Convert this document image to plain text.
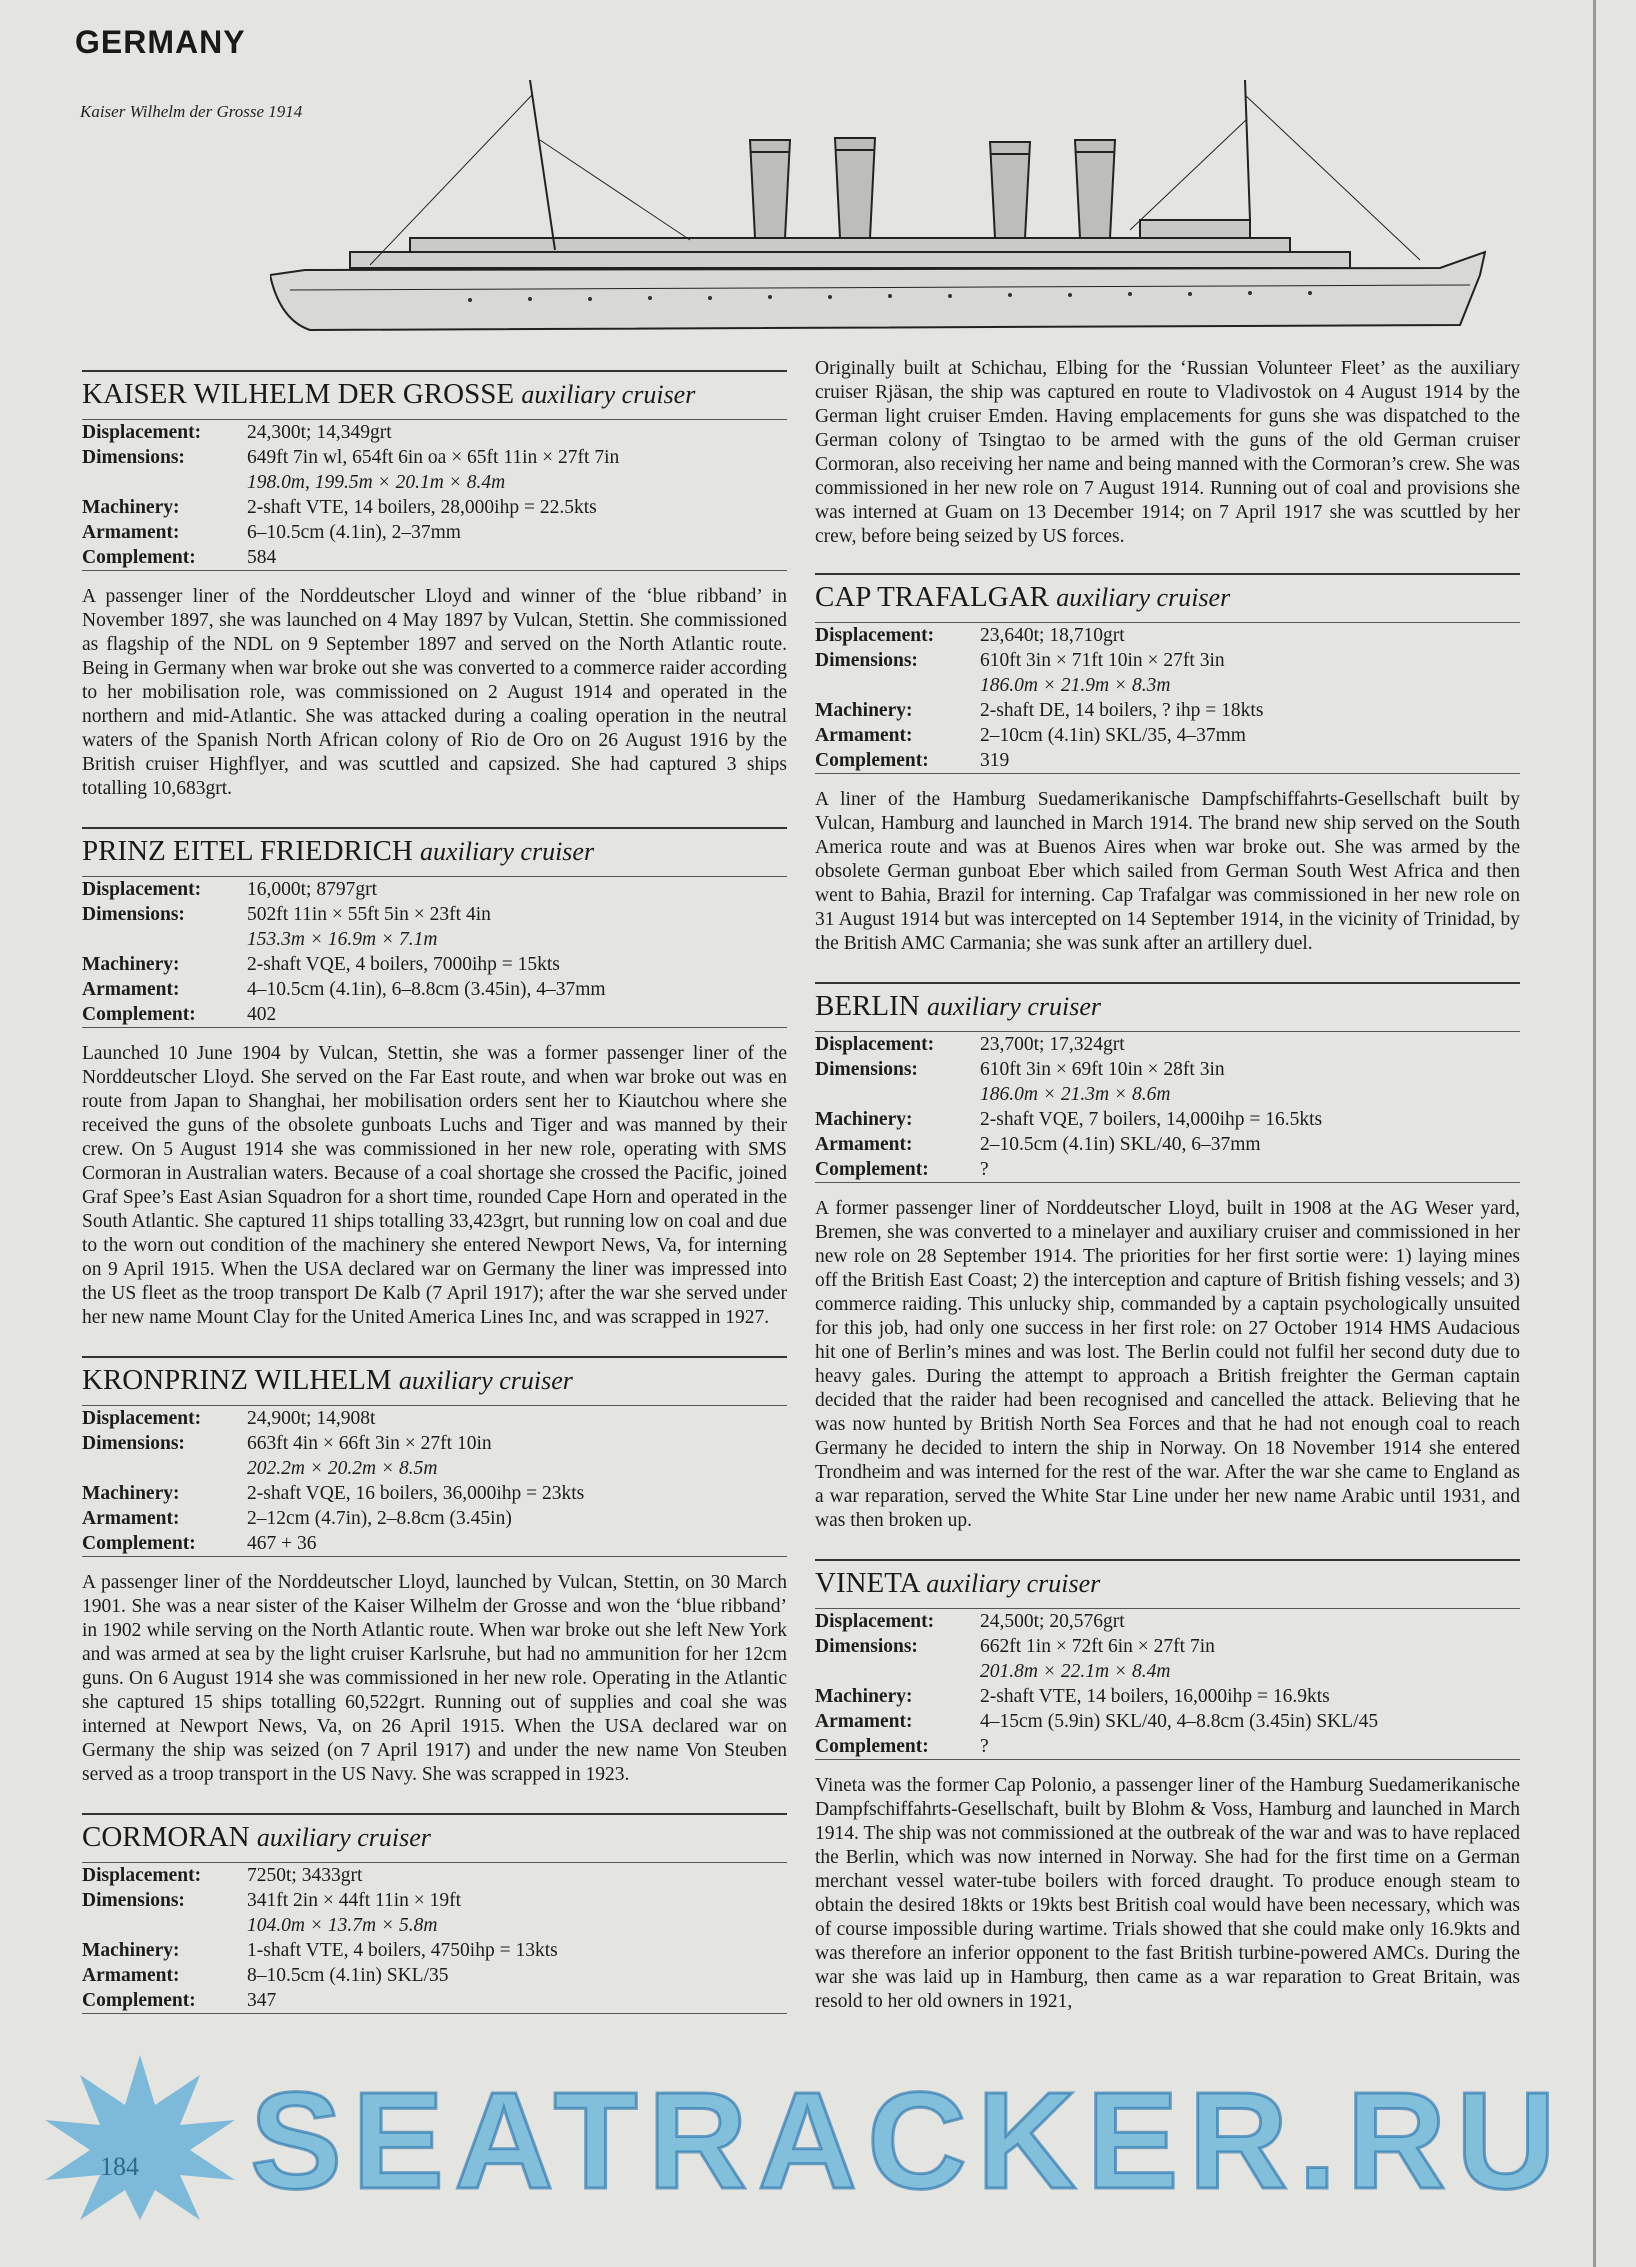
GERMANY
Kaiser Wilhelm der Grosse 1914
KAISER WILHELM DER GROSSE auxiliary cruiser
Displacement:	24,300t; 14,349grt
Dimensions:	649ft 7in wl, 654ft 6in oa × 65ft 11in × 27ft 7in
198.0m, 199.5m × 20.1m × 8.4m

Machinery:	2-shaft VTE, 14 boilers, 28,000ihp = 22.5kts
Armament:	6–10.5cm (4.1in), 2–37mm
Complement:	584

A passenger liner of the Norddeutscher Lloyd and winner of the ‘blue ribband’ in November 1897, she was launched on 4 May 1897 by Vulcan, Stettin. She commissioned as flagship of the NDL on 9 September 1897 and served on the North Atlantic route. Being in Germany when war broke out she was converted to a commerce raider according to her mobilisation role, was commissioned on 2 August 1914 and operated in the northern and mid-Atlantic. She was attacked during a coaling operation in the neutral waters of the Spanish North African colony of Rio de Oro on 26 August 1916 by the British cruiser Highflyer, and was scuttled and capsized. She had captured 3 ships totalling 10,683grt.

PRINZ EITEL FRIEDRICH auxiliary cruiser
Displacement:	16,000t; 8797grt
Dimensions:	502ft 11in × 55ft 5in × 23ft 4in
153.3m × 16.9m × 7.1m

Machinery:	2-shaft VQE, 4 boilers, 7000ihp = 15kts
Armament:	4–10.5cm (4.1in), 6–8.8cm (3.45in), 4–37mm
Complement:	402

Launched 10 June 1904 by Vulcan, Stettin, she was a former passenger liner of the Norddeutscher Lloyd. She served on the Far East route, and when war broke out was en route from Japan to Shanghai, her mobilisation orders sent her to Kiautchou where she received the guns of the obsolete gunboats Luchs and Tiger and was manned by their crew. On 5 August 1914 she was commissioned in her new role, operating with SMS Cormoran in Australian waters. Because of a coal shortage she crossed the Pacific, joined Graf Spee’s East Asian Squadron for a short time, rounded Cape Horn and operated in the South Atlantic. She captured 11 ships totalling 33,423grt, but running low on coal and due to the worn out condition of the machinery she entered Newport News, Va, for interning on 9 April 1915. When the USA declared war on Germany the liner was impressed into the US fleet as the troop transport De Kalb (7 April 1917); after the war she served under her new name Mount Clay for the United America Lines Inc, and was scrapped in 1927.

KRONPRINZ WILHELM auxiliary cruiser
Displacement:	24,900t; 14,908t
Dimensions:	663ft 4in × 66ft 3in × 27ft 10in
202.2m × 20.2m × 8.5m

Machinery:	2-shaft VQE, 16 boilers, 36,000ihp = 23kts
Armament:	2–12cm (4.7in), 2–8.8cm (3.45in)
Complement:	467 + 36

A passenger liner of the Norddeutscher Lloyd, launched by Vulcan, Stettin, on 30 March 1901. She was a near sister of the Kaiser Wilhelm der Grosse and won the ‘blue ribband’ in 1902 while serving on the North Atlantic route. When war broke out she left New York and was armed at sea by the light cruiser Karlsruhe, but had no ammunition for her 12cm guns. On 6 August 1914 she was commissioned in her new role. Operating in the Atlantic she captured 15 ships totalling 60,522grt. Running out of supplies and coal she was interned at Newport News, Va, on 26 April 1915. When the USA declared war on Germany the ship was seized (on 7 April 1917) and under the new name Von Steuben served as a troop transport in the US Navy. She was scrapped in 1923.

CORMORAN auxiliary cruiser
Displacement:	7250t; 3433grt
Dimensions:	341ft 2in × 44ft 11in × 19ft
104.0m × 13.7m × 5.8m

Machinery:	1-shaft VTE, 4 boilers, 4750ihp = 13kts
Armament:	8–10.5cm (4.1in) SKL/35
Complement:	347

Originally built at Schichau, Elbing for the ‘Russian Volunteer Fleet’ as the auxiliary cruiser Rjäsan, the ship was captured en route to Vladivostok on 4 August 1914 by the German light cruiser Emden. Having emplacements for guns she was dispatched to the German colony of Tsingtao to be armed with the guns of the old German cruiser Cormoran, also receiving her name and being manned with the Cormoran’s crew. She was commissioned in her new role on 7 August 1914. Running out of coal and provisions she was interned at Guam on 13 December 1914; on 7 April 1917 she was scuttled by her crew, before being seized by US forces.

CAP TRAFALGAR auxiliary cruiser
Displacement:	23,640t; 18,710grt
Dimensions:	610ft 3in × 71ft 10in × 27ft 3in
186.0m × 21.9m × 8.3m

Machinery:	2-shaft DE, 14 boilers, ? ihp = 18kts
Armament:	2–10cm (4.1in) SKL/35, 4–37mm
Complement:	319

A liner of the Hamburg Suedamerikanische Dampfschiffahrts-Gesellschaft built by Vulcan, Hamburg and launched in March 1914. The brand new ship served on the South America route and was at Buenos Aires when war broke out. She was armed by the obsolete German gunboat Eber which sailed from German South West Africa and then went to Bahia, Brazil for interning. Cap Trafalgar was commissioned in her new role on 31 August 1914 but was intercepted on 14 September 1914, in the vicinity of Trinidad, by the British AMC Carmania; she was sunk after an artillery duel.

BERLIN auxiliary cruiser
Displacement:	23,700t; 17,324grt
Dimensions:	610ft 3in × 69ft 10in × 28ft 3in
186.0m × 21.3m × 8.6m

Machinery:	2-shaft VQE, 7 boilers, 14,000ihp = 16.5kts
Armament:	2–10.5cm (4.1in) SKL/40, 6–37mm
Complement:	?

A former passenger liner of Norddeutscher Lloyd, built in 1908 at the AG Weser yard, Bremen, she was converted to a minelayer and auxiliary cruiser and commissioned in her new role on 28 September 1914. The priorities for her first sortie were: 1) laying mines off the British East Coast; 2) the interception and capture of British fishing vessels; and 3) commerce raiding. This unlucky ship, commanded by a captain psychologically unsuited for this job, had only one success in her first role: on 27 October 1914 HMS Audacious hit one of Berlin’s mines and was lost. The Berlin could not fulfil her second duty due to heavy gales. During the attempt to approach a British freighter the German captain decided that the raider had been recognised and cancelled the attack. Believing that he was now hunted by British North Sea Forces and that he had not enough coal to reach Germany he decided to intern the ship in Norway. On 18 November 1914 she entered Trondheim and was interned for the rest of the war. After the war she came to England as a war reparation, served the White Star Line under her new name Arabic until 1931, and was then broken up.

VINETA auxiliary cruiser
Displacement:	24,500t; 20,576grt
Dimensions:	662ft 1in × 72ft 6in × 27ft 7in
201.8m × 22.1m × 8.4m

Machinery:	2-shaft VTE, 14 boilers, 16,000ihp = 16.9kts
Armament:	4–15cm (5.9in) SKL/40, 4–8.8cm (3.45in) SKL/45
Complement:	?

Vineta was the former Cap Polonio, a passenger liner of the Hamburg Suedamerikanische Dampfschiffahrts-Gesellschaft, built by Blohm & Voss, Hamburg and launched in March 1914. The ship was not commissioned at the outbreak of the war and was to have replaced the Berlin, which was now interned in Norway. She had for the first time on a German merchant vessel water-tube boilers with forced draught. To produce enough steam to obtain the desired 18kts or 19kts best British coal would have been necessary, which was of course impossible during wartime. Trials showed that she could make only 16.9kts and was therefore an inferior opponent to the fast British turbine-powered AMCs. During the war she was laid up in Hamburg, then came as a war reparation to Great Britain, was resold to her old owners in 1921,

SEATRACKER.RU
